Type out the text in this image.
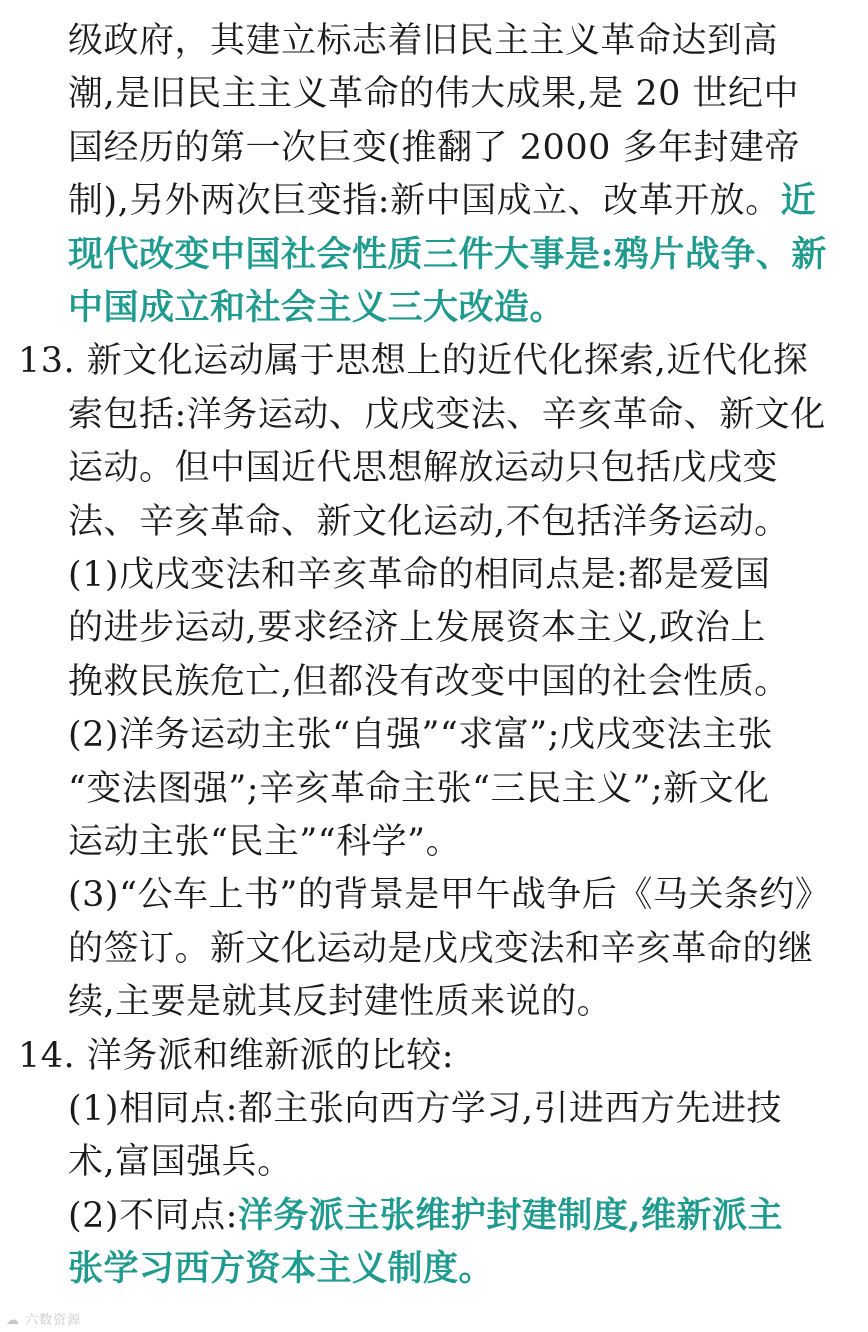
级政府，其建立标志着旧民主主义革命达到高
潮,是旧民主主义革命的伟大成果,是 20 世纪中
国经历的第一次巨变(推翻了 2000 多年封建帝
制),另外两次巨变指:新中国成立、改革开放。近
现代改变中国社会性质三件大事是:鸦片战争、新
中国成立和社会主义三大改造。
13. 新文化运动属于思想上的近代化探索,近代化探
索包括:洋务运动、戊戌变法、辛亥革命、新文化
运动。但中国近代思想解放运动只包括戊戌变
法、辛亥革命、新文化运动,不包括洋务运动。
(1)戊戌变法和辛亥革命的相同点是:都是爱国
的进步运动,要求经济上发展资本主义,政治上
挽救民族危亡,但都没有改变中国的社会性质。
(2)洋务运动主张“自强”“求富”;戊戌变法主张
“变法图强”;辛亥革命主张“三民主义”;新文化
运动主张“民主”“科学”。
(3)“公车上书”的背景是甲午战争后《马关条约》
的签订。新文化运动是戊戌变法和辛亥革命的继
续,主要是就其反封建性质来说的。
14. 洋务派和维新派的比较:
(1)相同点:都主张向西方学习,引进西方先进技
术,富国强兵。
(2)不同点:洋务派主张维护封建制度,维新派主
☁ 六数资源
张学习西方资本主义制度。
